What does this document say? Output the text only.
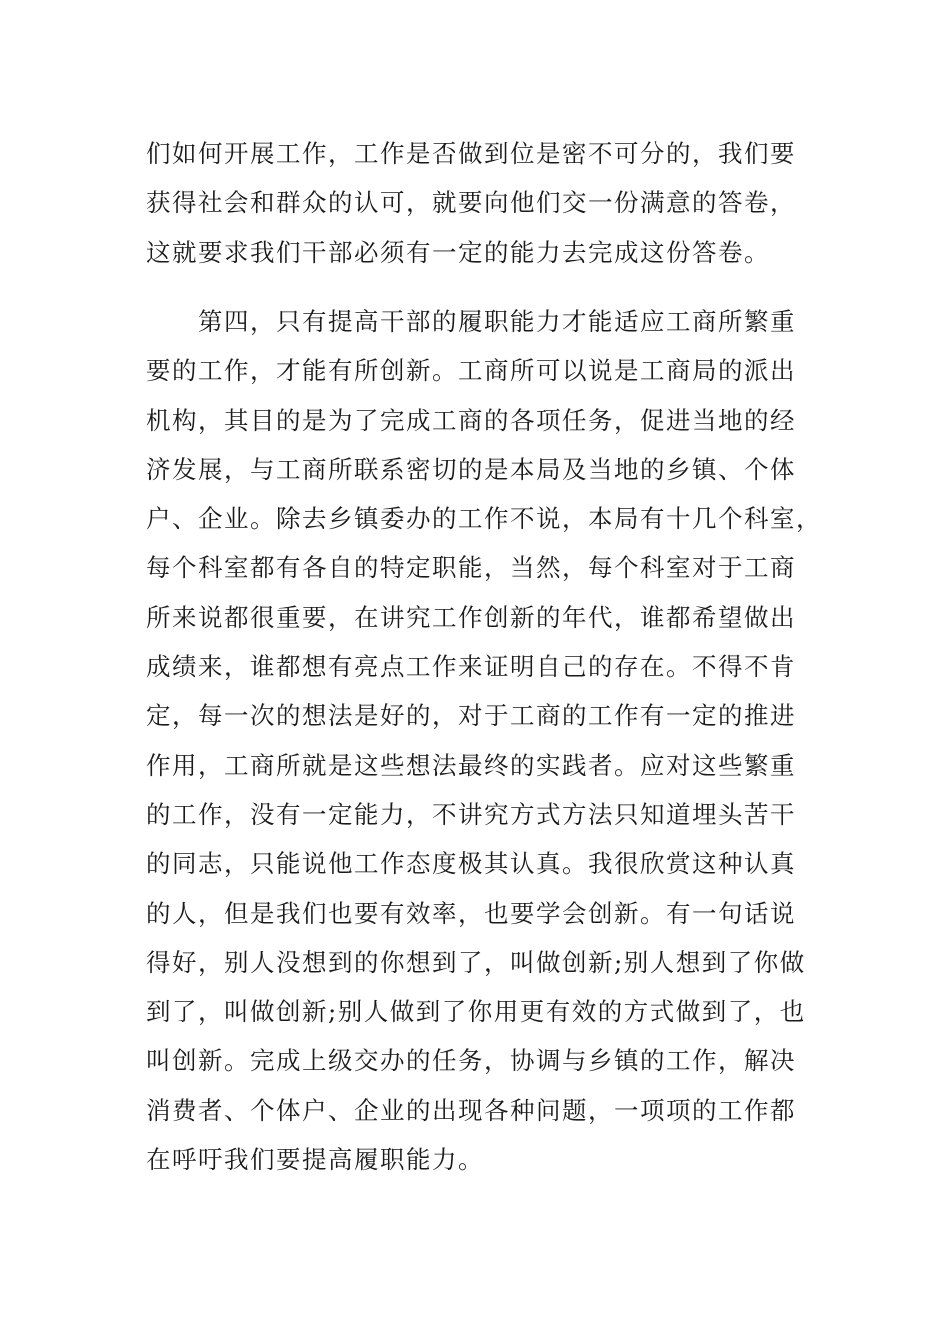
们如何开展工作，工作是否做到位是密不可分的，我们要
获得社会和群众的认可，就要向他们交一份满意的答卷，
这就要求我们干部必须有一定的能力去完成这份答卷。
　　第四，只有提高干部的履职能力才能适应工商所繁重
要的工作，才能有所创新。工商所可以说是工商局的派出
机构，其目的是为了完成工商的各项任务，促进当地的经
济发展，与工商所联系密切的是本局及当地的乡镇、个体
户、企业。除去乡镇委办的工作不说，本局有十几个科室，
每个科室都有各自的特定职能，当然，每个科室对于工商
所来说都很重要，在讲究工作创新的年代，谁都希望做出
成绩来，谁都想有亮点工作来证明自己的存在。不得不肯
定，每一次的想法是好的，对于工商的工作有一定的推进
作用，工商所就是这些想法最终的实践者。应对这些繁重
的工作，没有一定能力，不讲究方式方法只知道埋头苦干
的同志，只能说他工作态度极其认真。我很欣赏这种认真
的人，但是我们也要有效率，也要学会创新。有一句话说
得好，别人没想到的你想到了，叫做创新;别人想到了你做
到了，叫做创新;别人做到了你用更有效的方式做到了，也
叫创新。完成上级交办的任务，协调与乡镇的工作，解决
消费者、个体户、企业的出现各种问题，一项项的工作都
在呼吁我们要提高履职能力。
